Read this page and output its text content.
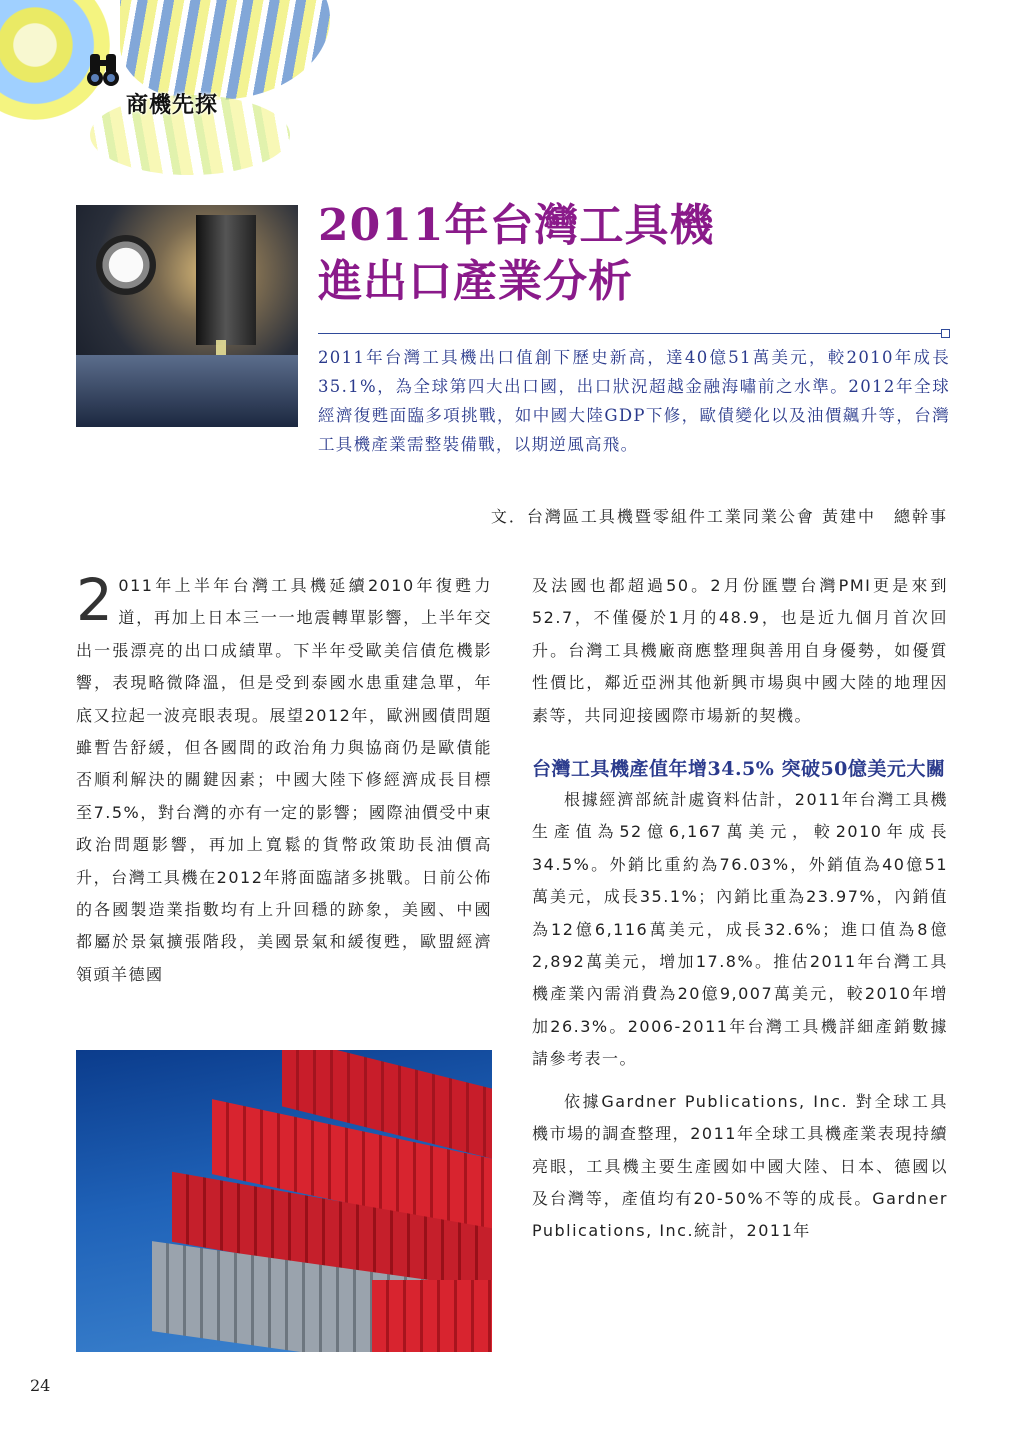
商機先探
2011年台灣工具機
進出口產業分析
2011年台灣工具機出口值創下歷史新高，達40億51萬美元，較2010年成長35.1%，為全球第四大出口國，出口狀況超越金融海嘯前之水準。2012年全球經濟復甦面臨多項挑戰，如中國大陸GDP下修，歐債變化以及油價飆升等，台灣工具機產業需整裝備戰，以期逆風高飛。
文．台灣區工具機暨零組件工業同業公會 黃建中　總幹事

2 011年上半年台灣工具機延續2010年復甦力道，再加上日本三一一地震轉單影響，上半年交出一張漂亮的出口成績單。下半年受歐美信債危機影響，表現略微降溫，但是受到泰國水患重建急單，年底又拉起一波亮眼表現。展望2012年，歐洲國債問題雖暫告舒緩，但各國間的政治角力與協商仍是歐債能否順利解決的關鍵因素；中國大陸下修經濟成長目標至7.5%，對台灣的亦有一定的影響；國際油價受中東政治問題影響，再加上寬鬆的貨幣政策助長油價高升，台灣工具機在2012年將面臨諸多挑戰。日前公佈的各國製造業指數均有上升回穩的跡象，美國、中國都屬於景氣擴張階段，美國景氣和緩復甦，歐盟經濟領頭羊德國

及法國也都超過50。2月份匯豐台灣PMI更是來到52.7，不僅優於1月的48.9，也是近九個月首次回升。台灣工具機廠商應整理與善用自身優勢，如優質性價比，鄰近亞洲其他新興市場與中國大陸的地理因素等，共同迎接國際市場新的契機。

台灣工具機產值年增34.5% 突破50億美元大關

根據經濟部統計處資料估計，2011年台灣工具機生產值為52億6,167萬美元，較2010年成長34.5%。外銷比重約為76.03%，外銷值為40億51萬美元，成長35.1%；內銷比重為23.97%，內銷值為12億6,116萬美元，成長32.6%；進口值為8億2,892萬美元，增加17.8%。推估2011年台灣工具機產業內需消費為20億9,007萬美元，較2010年增加26.3%。2006-2011年台灣工具機詳細產銷數據請參考表一。

依據Gardner Publications, Inc. 對全球工具機市場的調查整理，2011年全球工具機產業表現持續亮眼，工具機主要生產國如中國大陸、日本、德國以及台灣等，產值均有20-50%不等的成長。Gardner Publications, Inc.統計，2011年

24
